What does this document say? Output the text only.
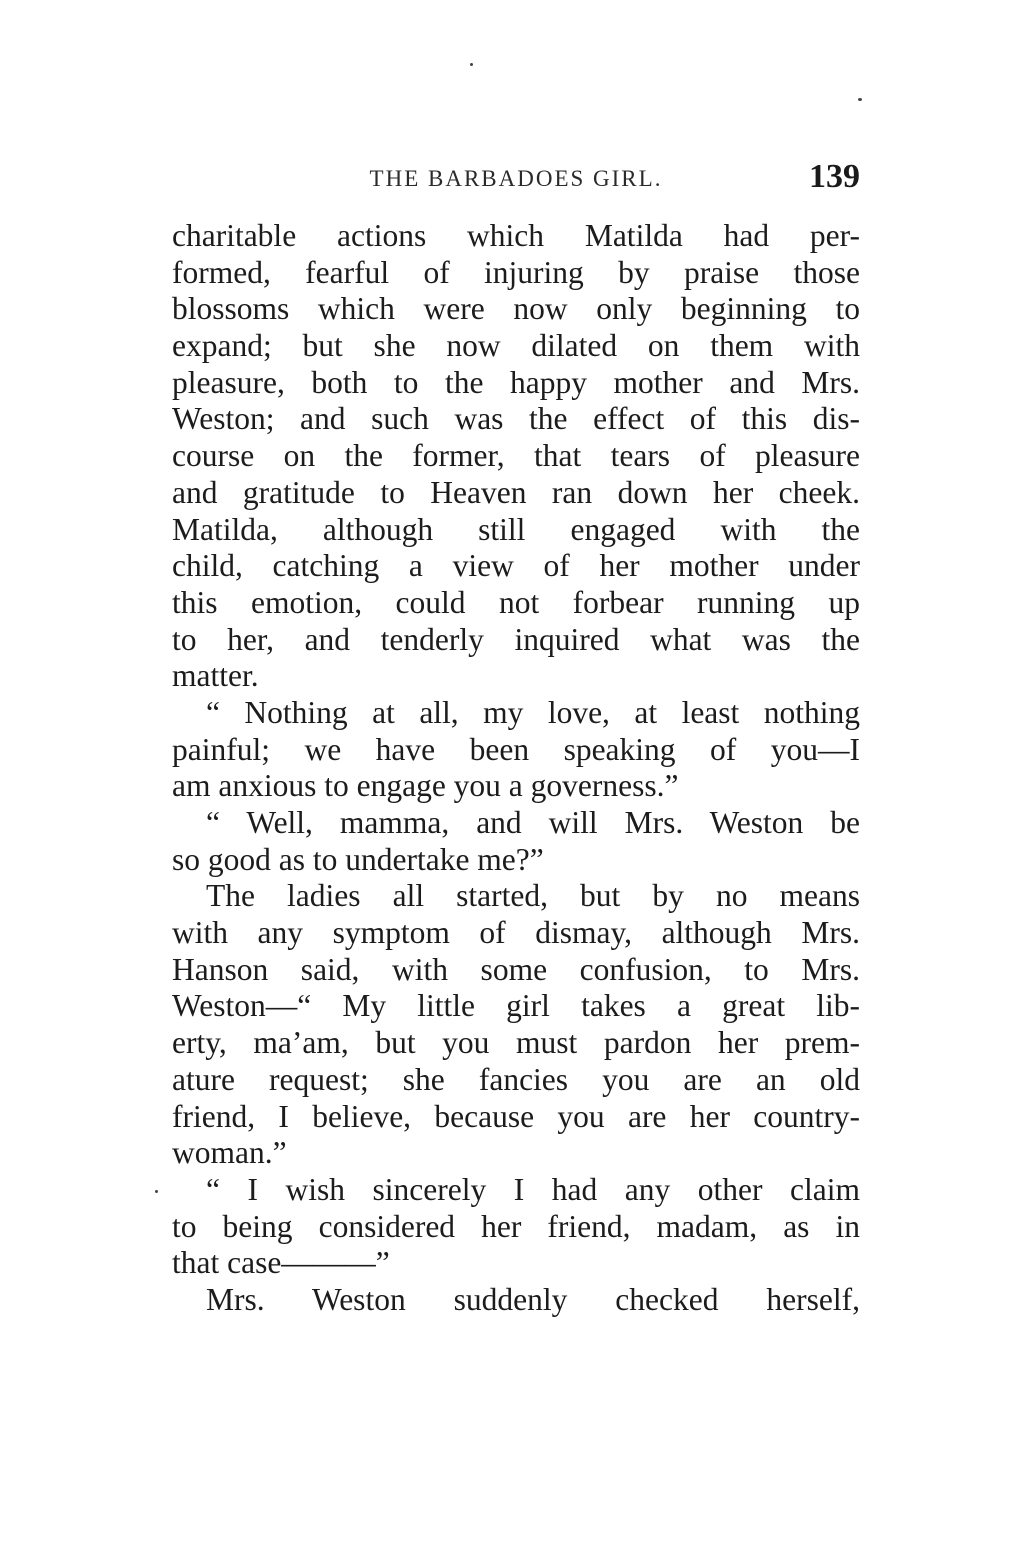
THE BARBADOES GIRL.	139
charitable actions which Matilda had per-
formed, fearful of injuring by praise those
blossoms which were now only beginning to
expand; but she now dilated on them with
pleasure, both to the happy mother and Mrs.
Weston; and such was the effect of this dis-
course on the former, that tears of pleasure
and gratitude to Heaven ran down her cheek.
Matilda, although still engaged with the
child, catching a view of her mother under
this emotion, could not forbear running up
to her, and tenderly inquired what was the
matter.
“ Nothing at all, my love, at least nothing
painful; we have been speaking of you—I
am anxious to engage you a governess.”
“ Well, mamma, and will Mrs. Weston be
so good as to undertake me?”
The ladies all started, but by no means
with any symptom of dismay, although Mrs.
Hanson said, with some confusion, to Mrs.
Weston—“ My little girl takes a great lib-
erty, ma’am, but you must pardon her prem-
ature request; she fancies you are an old
friend, I believe, because you are her country-
woman.”
“ I wish sincerely I had any other claim
to being considered her friend, madam, as in
that case———”
Mrs. Weston suddenly checked herself,
